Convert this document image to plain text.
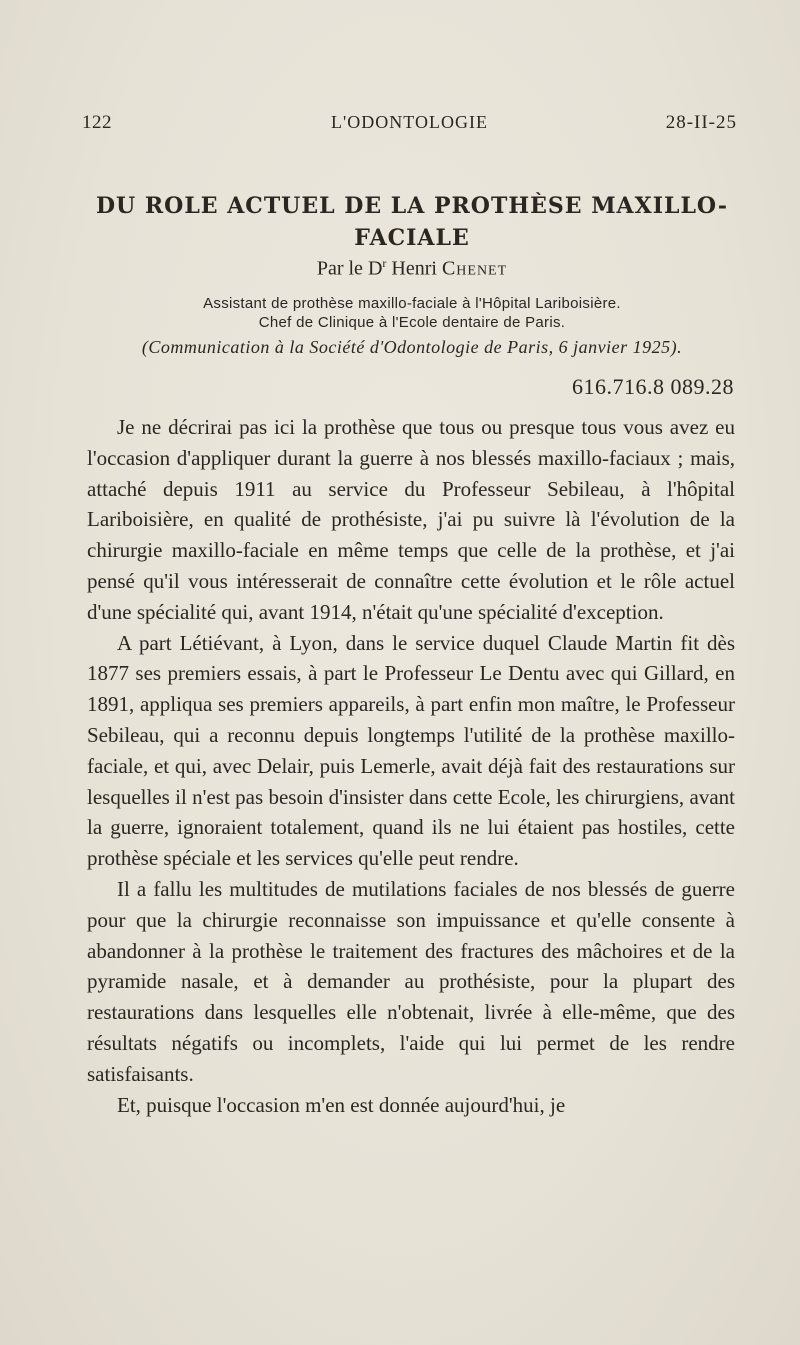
122	L'ODONTOLOGIE	28-II-25
DU ROLE ACTUEL DE LA PROTHÈSE MAXILLO-FACIALE
Par le $D^r$ Henri Chenet
Assistant de prothèse maxillo-faciale à l'Hôpital Lariboisière.
Chef de Clinique à l'Ecole dentaire de Paris.
(Communication à la Société d'Odontologie de Paris, 6 janvier 1925).
616.716.8 089.28

Je ne décrirai pas ici la prothèse que tous ou presque tous vous avez eu l'occasion d'appliquer durant la guerre à nos blessés maxillo-faciaux ; mais, attaché depuis 1911 au service du Professeur Sebileau, à l'hôpital Lariboisière, en qualité de prothésiste, j'ai pu suivre là l'évolution de la chirurgie maxillo-faciale en même temps que celle de la prothèse, et j'ai pensé qu'il vous intéresserait de connaître cette évolution et le rôle actuel d'une spécialité qui, avant 1914, n'était qu'une spécialité d'exception.

A part Létiévant, à Lyon, dans le service duquel Claude Martin fit dès 1877 ses premiers essais, à part le Professeur Le Dentu avec qui Gillard, en 1891, appliqua ses premiers appareils, à part enfin mon maître, le Professeur Sebileau, qui a reconnu depuis longtemps l'utilité de la prothèse maxillo-faciale, et qui, avec Delair, puis Lemerle, avait déjà fait des restaurations sur lesquelles il n'est pas besoin d'insister dans cette Ecole, les chirurgiens, avant la guerre, ignoraient totalement, quand ils ne lui étaient pas hostiles, cette prothèse spéciale et les services qu'elle peut rendre.

Il a fallu les multitudes de mutilations faciales de nos blessés de guerre pour que la chirurgie reconnaisse son impuissance et qu'elle consente à abandonner à la prothèse le traitement des fractures des mâchoires et de la pyramide nasale, et à demander au prothésiste, pour la plupart des restaurations dans lesquelles elle n'obtenait, livrée à elle-même, que des résultats négatifs ou incomplets, l'aide qui lui permet de les rendre satisfaisants.

Et, puisque l'occasion m'en est donnée aujourd'hui, je
